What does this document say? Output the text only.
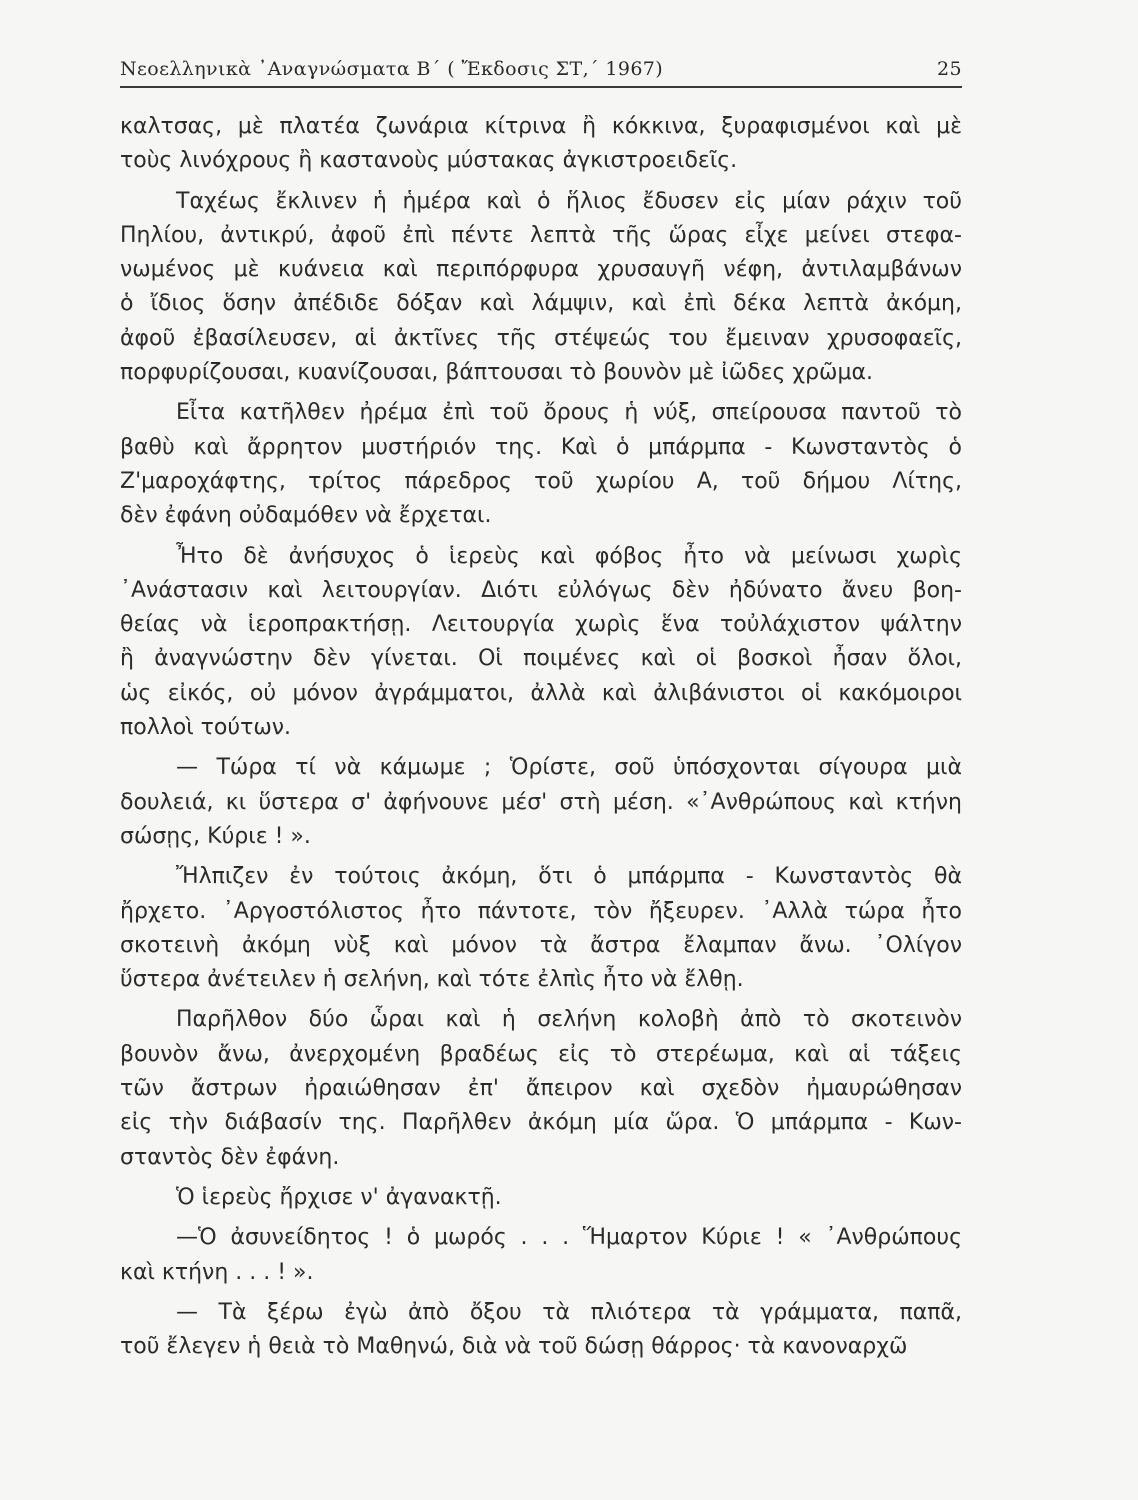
Νεοελληνικὰ ᾿Αναγνώσματα Β΄ ( Ἔκδοσις ΣΤ,΄ 1967)	25
καλτσας, μὲ πλατέα ζωνάρια κίτρινα ἢ κόκκινα, ξυραφισμένοι καὶ μὲ
τοὺς λινόχρους ἢ καστανοὺς μύστακας ἀγκιστροειδεῖς.
Ταχέως ἔκλινεν ἡ ἡμέρα καὶ ὁ ἥλιος ἔδυσεν εἰς μίαν ράχιν τοῦ
Πηλίου, ἀντικρύ, ἀφοῦ ἐπὶ πέντε λεπτὰ τῆς ὥρας εἶχε μείνει στεφα-
νωμένος μὲ κυάνεια καὶ περιπόρφυρα χρυσαυγῆ νέφη, ἀντιλαμβάνων
ὁ ἴδιος ὅσην ἀπέδιδε δόξαν καὶ λάμψιν, καὶ ἐπὶ δέκα λεπτὰ ἀκόμη,
ἀφοῦ ἐβασίλευσεν, αἱ ἀκτῖνες τῆς στέψεώς του ἔμειναν χρυσοφαεῖς,
πορφυρίζουσαι, κυανίζουσαι, βάπτουσαι τὸ βουνὸν μὲ ἰῶδες χρῶμα.
Εἶτα κατῆλθεν ἠρέμα ἐπὶ τοῦ ὄρους ἡ νύξ, σπείρουσα παντοῦ τὸ
βαθὺ καὶ ἄρρητον μυστήριόν της. Καὶ ὁ μπάρμπα - Κωνσταντὸς ὁ
Ζ'μαροχάφτης, τρίτος πάρεδρος τοῦ χωρίου Α, τοῦ δήμου Λίτης,
δὲν ἐφάνη οὐδαμόθεν νὰ ἔρχεται.
Ἦτο δὲ ἀνήσυχος ὁ ἱερεὺς καὶ φόβος ἦτο νὰ μείνωσι χωρὶς
᾿Ανάστασιν καὶ λειτουργίαν. Διότι εὐλόγως δὲν ἠδύνατο ἄνευ βοη-
θείας νὰ ἱεροπρακτήσῃ. Λειτουργία χωρὶς ἕνα τοὐλάχιστον ψάλτην
ἢ ἀναγνώστην δὲν γίνεται. Οἱ ποιμένες καὶ οἱ βοσκοὶ ἦσαν ὅλοι,
ὡς εἰκός, οὐ μόνον ἀγράμματοι, ἀλλὰ καὶ ἀλιβάνιστοι οἱ κακόμοιροι
πολλοὶ τούτων.
— Τώρα τί νὰ κάμωμε ; Ὁρίστε, σοῦ ὑπόσχονται σίγουρα μιὰ
δουλειά, κι ὕστερα σ' ἀφήνουνε μέσ' στὴ μέση. «᾿Ανθρώπους καὶ κτήνη
σώσῃς, Κύριε ! ».
Ἤλπιζεν ἐν τούτοις ἀκόμη, ὅτι ὁ μπάρμπα - Κωνσταντὸς θὰ
ἤρχετο. ᾿Αργοστόλιστος ἦτο πάντοτε, τὸν ἤξευρεν. ᾿Αλλὰ τώρα ἦτο
σκοτεινὴ ἀκόμη νὺξ καὶ μόνον τὰ ἄστρα ἔλαμπαν ἄνω. ᾿Ολίγον
ὕστερα ἀνέτειλεν ἡ σελήνη, καὶ τότε ἐλπὶς ἦτο νὰ ἔλθῃ.
Παρῆλθον δύο ὧραι καὶ ἡ σελήνη κολοβὴ ἀπὸ τὸ σκοτεινὸν
βουνὸν ἄνω, ἀνερχομένη βραδέως εἰς τὸ στερέωμα, καὶ αἱ τάξεις
τῶν ἄστρων ἠραιώθησαν ἐπ' ἄπειρον καὶ σχεδὸν ἠμαυρώθησαν
εἰς τὴν διάβασίν της. Παρῆλθεν ἀκόμη μία ὥρα. Ὁ μπάρμπα - Κων-
σταντὸς δὲν ἐφάνη.
Ὁ ἱερεὺς ἤρχισε ν' ἀγανακτῇ.
—Ὁ ἀσυνείδητος ! ὁ μωρός . . . Ἥμαρτον Κύριε ! « ᾿Ανθρώπους
καὶ κτήνη . . . ! ».
— Τὰ ξέρω ἐγὼ ἀπὸ ὄξου τὰ πλιότερα τὰ γράμματα, παπᾶ,
τοῦ ἔλεγεν ἡ θειὰ τὸ Μαθηνώ, διὰ νὰ τοῦ δώσῃ θάρρος· τὰ κανοναρχῶ
